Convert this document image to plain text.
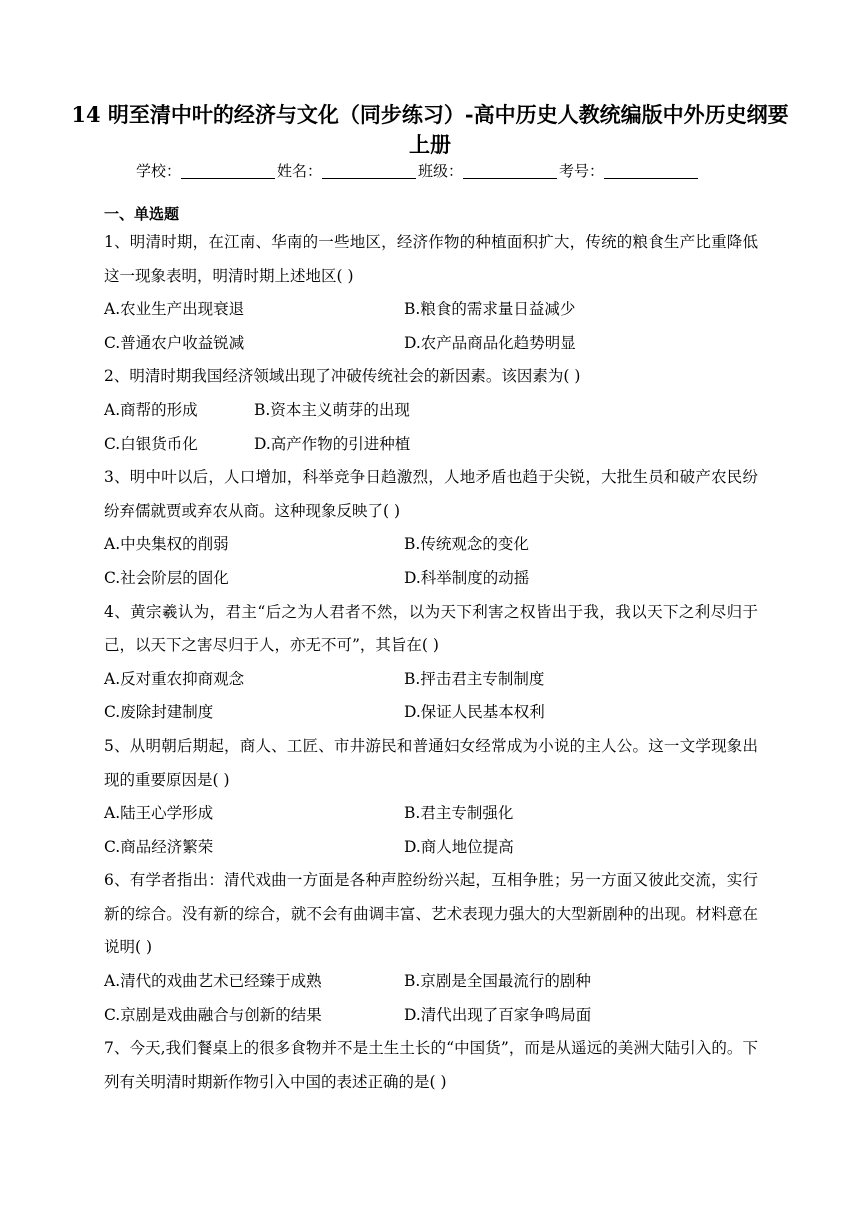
14 明至清中叶的经济与文化（同步练习）-高中历史人教统编版中外历史纲要上册
学校：	姓名：	班级：	考号：
一、单选题

1、明清时期，在江南、华南的一些地区，经济作物的种植面积扩大，传统的粮食生产比重降低这一现象表明，明清时期上述地区( )

A.农业生产出现衰退	B.粮食的需求量日益减少
C.普通农户收益锐减	D.农产品商品化趋势明显

2、明清时期我国经济领域出现了冲破传统社会的新因素。该因素为( )

A.商帮的形成	B.资本主义萌芽的出现
C.白银货币化	D.高产作物的引进种植

3、明中叶以后，人口增加，科举竞争日趋激烈，人地矛盾也趋于尖锐，大批生员和破产农民纷纷弃儒就贾或弃农从商。这种现象反映了( )

A.中央集权的削弱	B.传统观念的变化
C.社会阶层的固化	D.科举制度的动摇

4、黄宗羲认为，君主“后之为人君者不然，以为天下利害之权皆出于我，我以天下之利尽归于己，以天下之害尽归于人，亦无不可”，其旨在( )

A.反对重农抑商观念	B.抨击君主专制制度
C.废除封建制度	D.保证人民基本权利

5、从明朝后期起，商人、工匠、市井游民和普通妇女经常成为小说的主人公。这一文学现象出现的重要原因是( )

A.陆王心学形成	B.君主专制强化
C.商品经济繁荣	D.商人地位提高

6、有学者指出：清代戏曲一方面是各种声腔纷纷兴起，互相争胜；另一方面又彼此交流，实行新的综合。没有新的综合，就不会有曲调丰富、艺术表现力强大的大型新剧种的出现。材料意在说明( )

A.清代的戏曲艺术已经臻于成熟	B.京剧是全国最流行的剧种
C.京剧是戏曲融合与创新的结果	D.清代出现了百家争鸣局面

7、今天,我们餐桌上的很多食物并不是土生土长的“中国货”，而是从遥远的美洲大陆引入的。下列有关明清时期新作物引入中国的表述正确的是( )
